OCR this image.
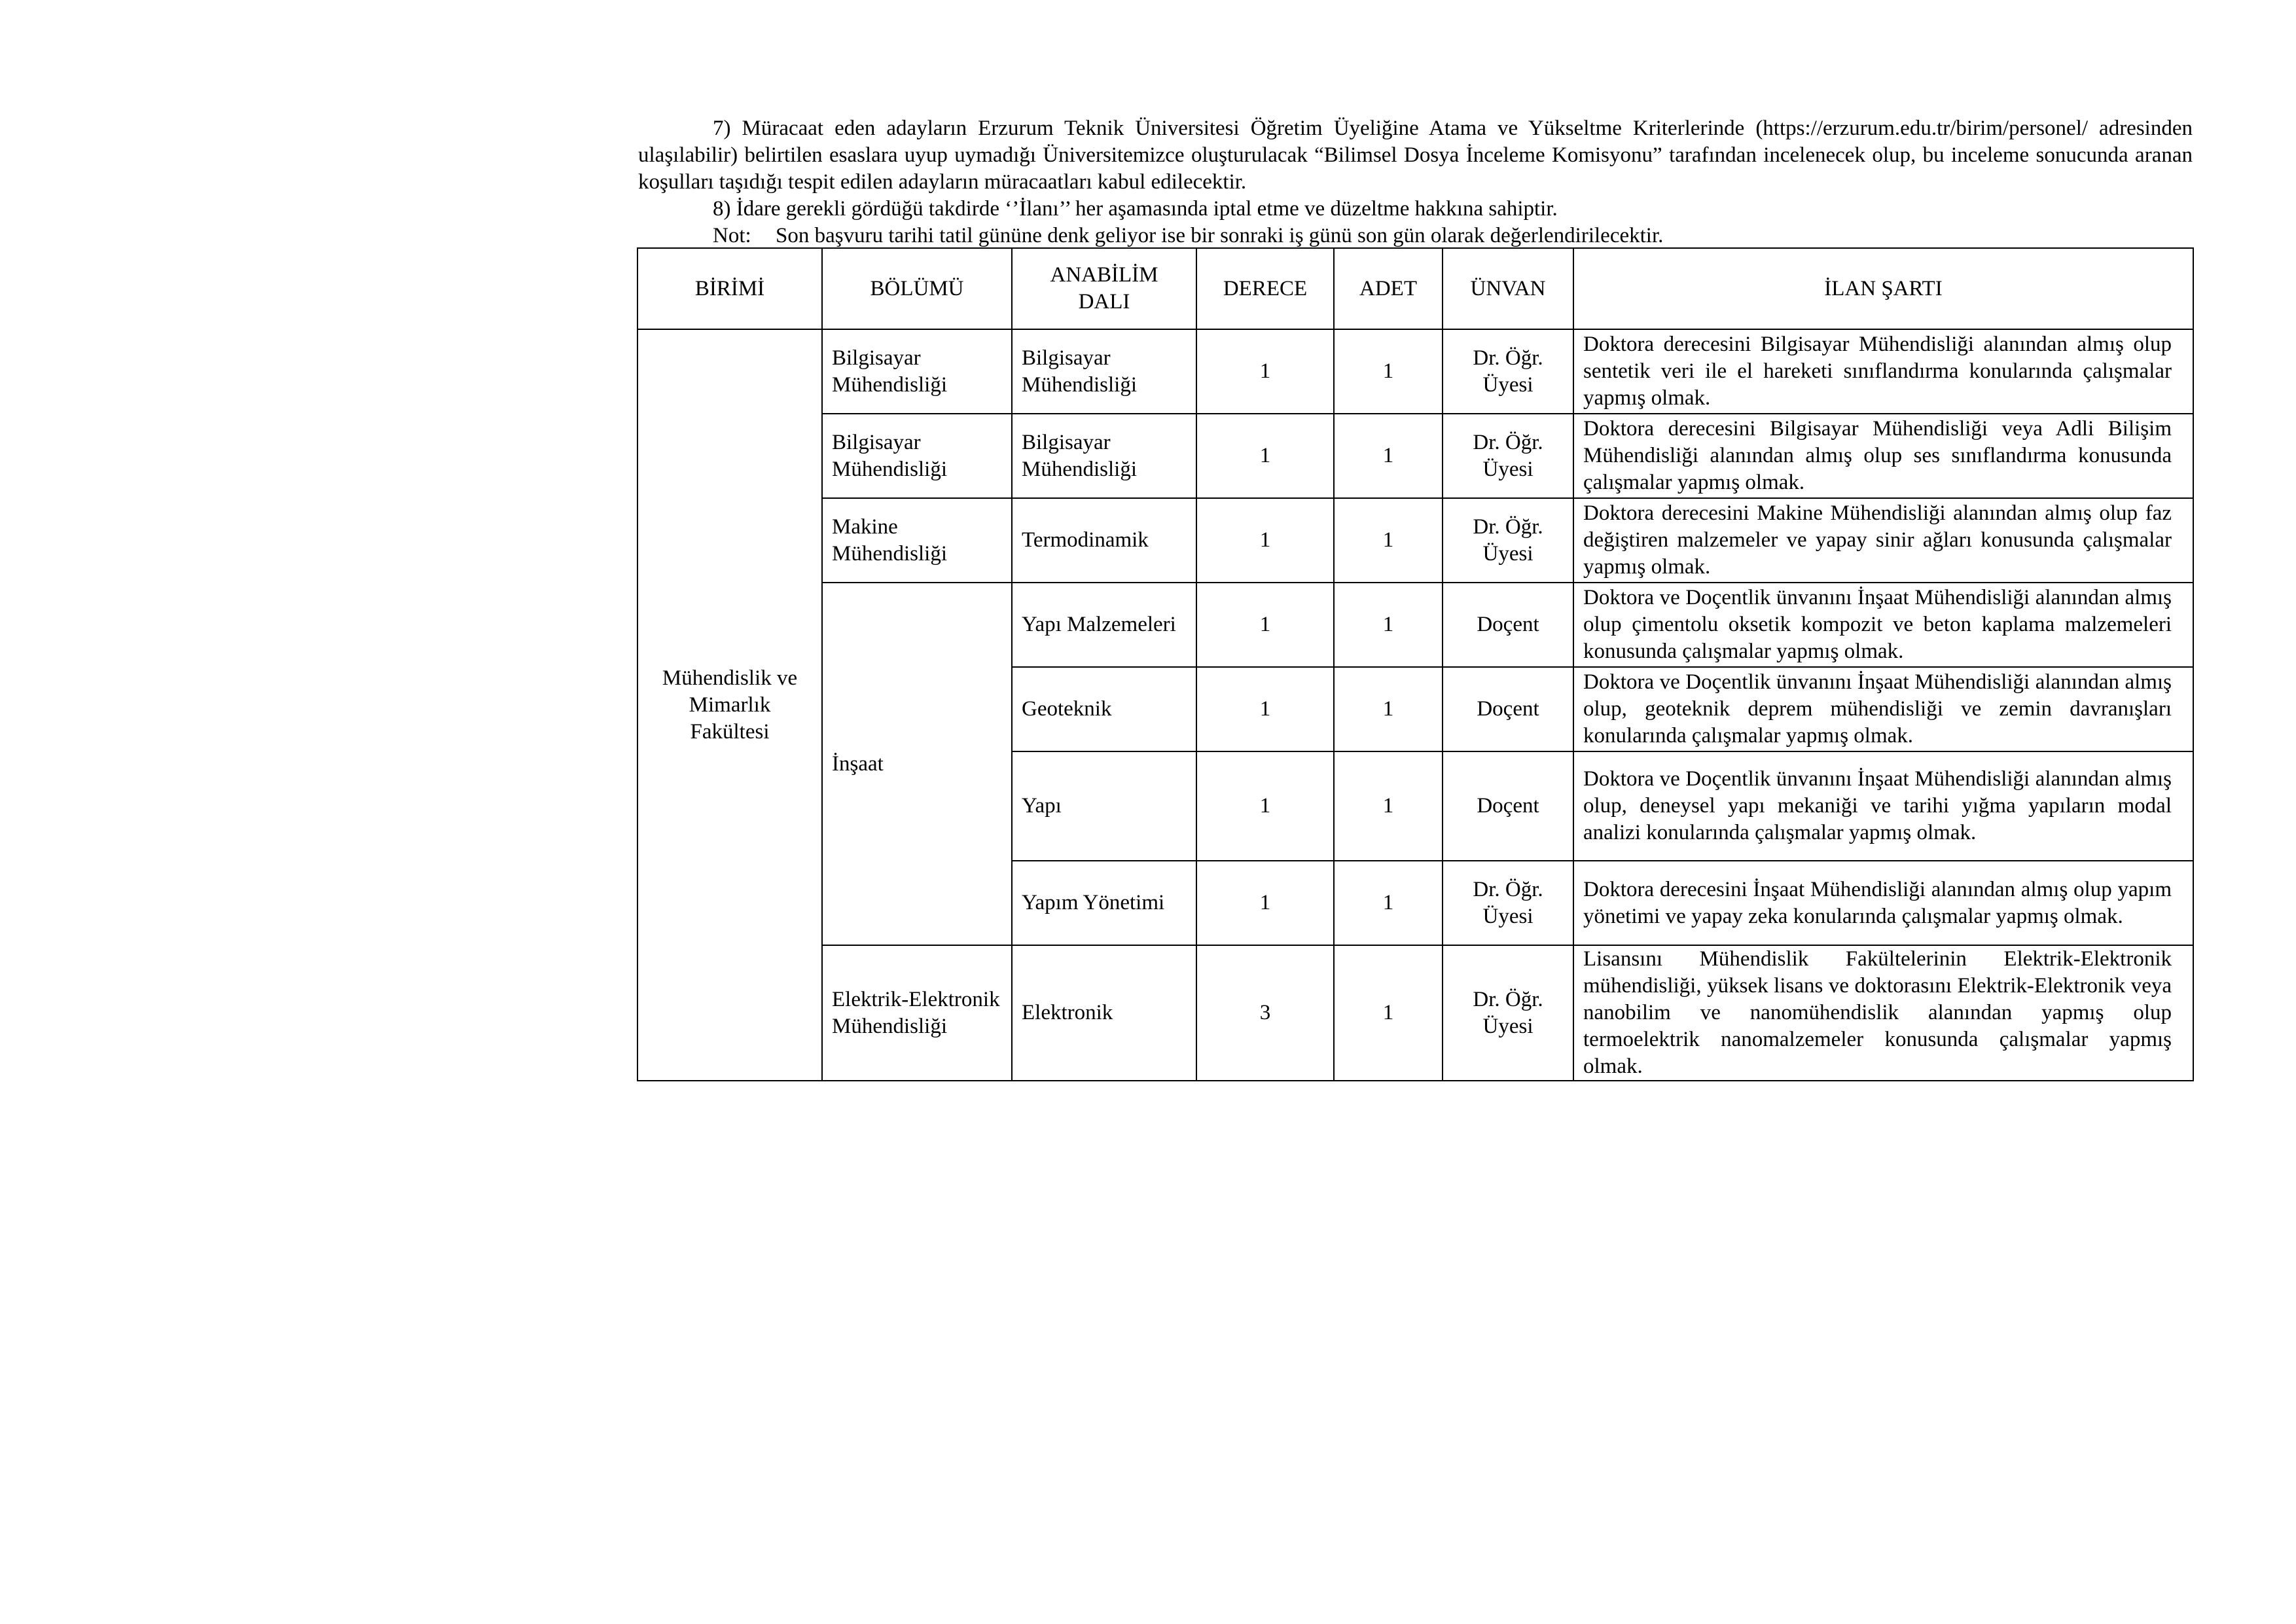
7) Müracaat eden adayların Erzurum Teknik Üniversitesi Öğretim Üyeliğine Atama ve Yükseltme Kriterlerinde (https://erzurum.edu.tr/birim/personel/ adresinden ulaşılabilir) belirtilen esaslara uyup uymadığı Üniversitemizce oluşturulacak “Bilimsel Dosya İnceleme Komisyonu” tarafından incelenecek olup, bu inceleme sonucunda aranan koşulları taşıdığı tespit edilen adayların müracaatları kabul edilecektir.

8) İdare gerekli gördüğü takdirde ‘’İlanı’’ her aşamasında iptal etme ve düzeltme hakkına sahiptir.

Not: Son başvuru tarihi tatil gününe denk geliyor ise bir sonraki iş günü son gün olarak değerlendirilecektir.

BİRİMİ	BÖLÜMÜ	ANABİLİM DALI	DERECE	ADET	ÜNVAN	İLAN ŞARTI
Mühendislik ve Mimarlık Fakültesi	Bilgisayar Mühendisliği	Bilgisayar Mühendisliği	1	1	Dr. Öğr. Üyesi	Doktora derecesini Bilgisayar Mühendisliği alanından almış olup sentetik veri ile el hareketi sınıflandırma konularında çalışmalar yapmış olmak.
	Bilgisayar Mühendisliği	Bilgisayar Mühendisliği	1	1	Dr. Öğr. Üyesi	Doktora derecesini Bilgisayar Mühendisliği veya Adli Bilişim Mühendisliği alanından almış olup ses sınıflandırma konusunda çalışmalar yapmış olmak.
	Makine Mühendisliği	Termodinamik	1	1	Dr. Öğr. Üyesi	Doktora derecesini Makine Mühendisliği alanından almış olup faz değiştiren malzemeler ve yapay sinir ağları konusunda çalışmalar yapmış olmak.
	İnşaat	Yapı Malzemeleri	1	1	Doçent	Doktora ve Doçentlik ünvanını İnşaat Mühendisliği alanından almış olup çimentolu oksetik kompozit ve beton kaplama malzemeleri konusunda çalışmalar yapmış olmak.
		Geoteknik	1	1	Doçent	Doktora ve Doçentlik ünvanını İnşaat Mühendisliği alanından almış olup, geoteknik deprem mühendisliği ve zemin davranışları konularında çalışmalar yapmış olmak.
		Yapı	1	1	Doçent	Doktora ve Doçentlik ünvanını İnşaat Mühendisliği alanından almış olup, deneysel yapı mekaniği ve tarihi yığma yapıların modal analizi konularında çalışmalar yapmış olmak.
		Yapım Yönetimi	1	1	Dr. Öğr. Üyesi	Doktora derecesini İnşaat Mühendisliği alanından almış olup yapım yönetimi ve yapay zeka konularında çalışmalar yapmış olmak.
	Elektrik-Elektronik Mühendisliği	Elektronik	3	1	Dr. Öğr. Üyesi	Lisansını Mühendislik Fakültelerinin Elektrik-Elektronik mühendisliği, yüksek lisans ve doktorasını Elektrik-Elektronik veya nanobilim ve nanomühendislik alanından yapmış olup termoelektrik nanomalzemeler konusunda çalışmalar yapmış olmak.
